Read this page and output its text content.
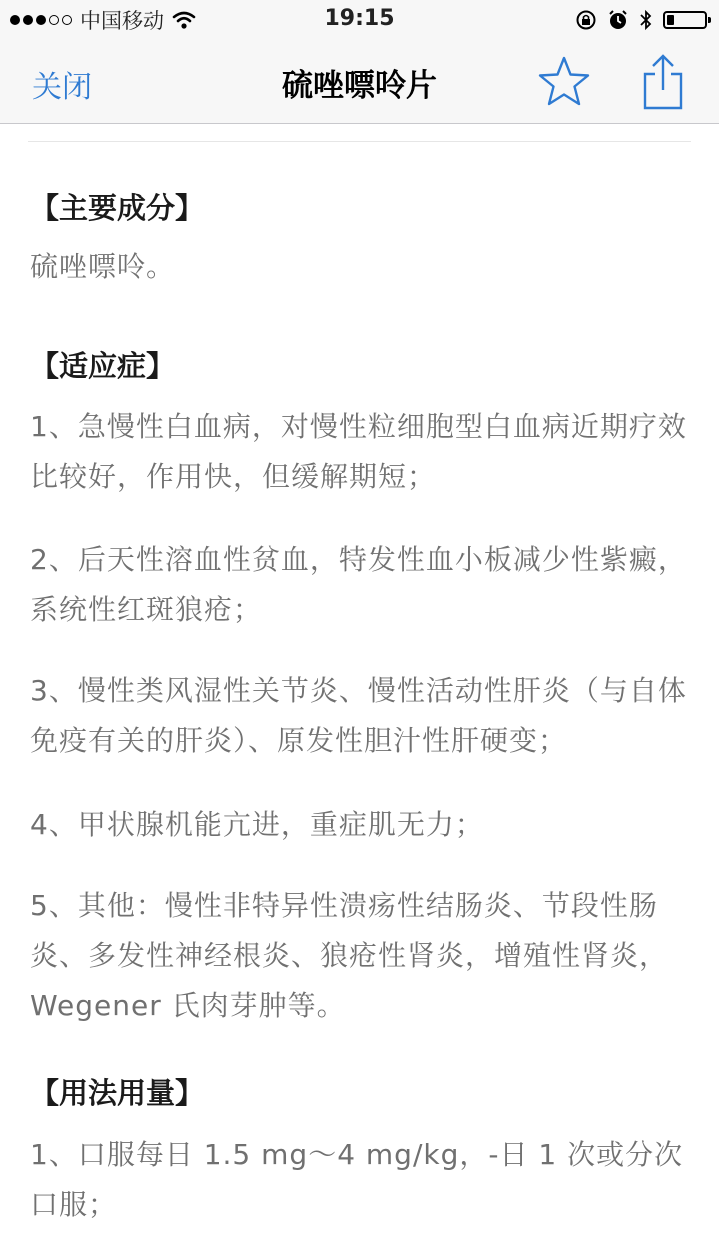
中国移动	19:15
关闭	硫唑嘌呤片
【主要成分】
硫唑嘌呤。
【适应症】
1、急慢性白血病，对慢性粒细胞型白血病近期疗效比较好，作用快，但缓解期短；
2、后天性溶血性贫血，特发性血小板减少性紫癜，系统性红斑狼疮；
3、慢性类风湿性关节炎、慢性活动性肝炎（与自体免疫有关的肝炎）、原发性胆汁性肝硬变；
4、甲状腺机能亢进，重症肌无力；
5、其他：慢性非特异性溃疡性结肠炎、节段性肠炎、多发性神经根炎、狼疮性肾炎，增殖性肾炎，Wegener 氏肉芽肿等。
【用法用量】
1、口服每日 1.5 mg～4 mg/kg，-日 1 次或分次口服；
